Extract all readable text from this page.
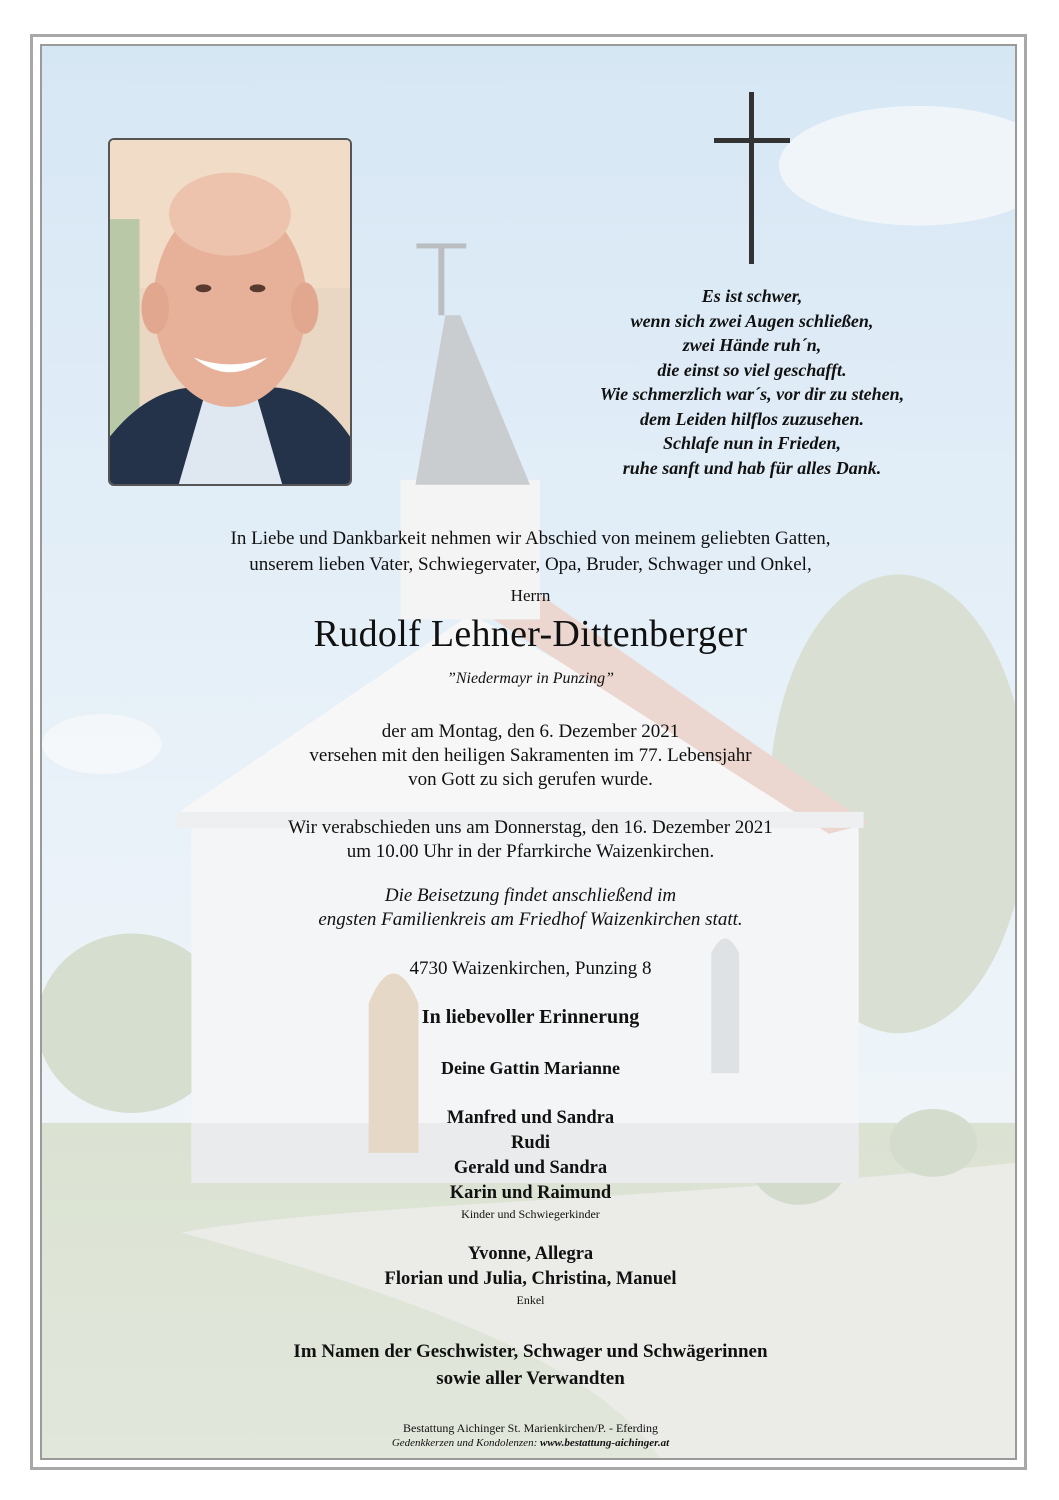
Es ist schwer,
wenn sich zwei Augen schließen,
zwei Hände ruh´n,
die einst so viel geschafft.
Wie schmerzlich war´s, vor dir zu stehen,
dem Leiden hilflos zuzusehen.
Schlafe nun in Frieden,
ruhe sanft und hab für alles Dank.
In Liebe und Dankbarkeit nehmen wir Abschied von meinem geliebten Gatten,
unserem lieben Vater, Schwiegervater, Opa, Bruder, Schwager und Onkel,
Herrn
Rudolf Lehner-Dittenberger
”Niedermayr in Punzing”
der am Montag, den 6. Dezember 2021
versehen mit den heiligen Sakramenten im 77. Lebensjahr
von Gott zu sich gerufen wurde.
Wir verabschieden uns am Donnerstag, den 16. Dezember 2021
um 10.00 Uhr in der Pfarrkirche Waizenkirchen.
Die Beisetzung findet anschließend im
engsten Familienkreis am Friedhof Waizenkirchen statt.
4730 Waizenkirchen, Punzing 8
In liebevoller Erinnerung
Deine Gattin Marianne
Manfred und Sandra
Rudi
Gerald und Sandra
Karin und Raimund
Kinder und Schwiegerkinder
Yvonne, Allegra
Florian und Julia, Christina, Manuel
Enkel
Im Namen der Geschwister, Schwager und Schwägerinnen
sowie aller Verwandten
Bestattung Aichinger St. Marienkirchen/P. - Eferding
Gedenkkerzen und Kondolenzen: www.bestattung-aichinger.at
